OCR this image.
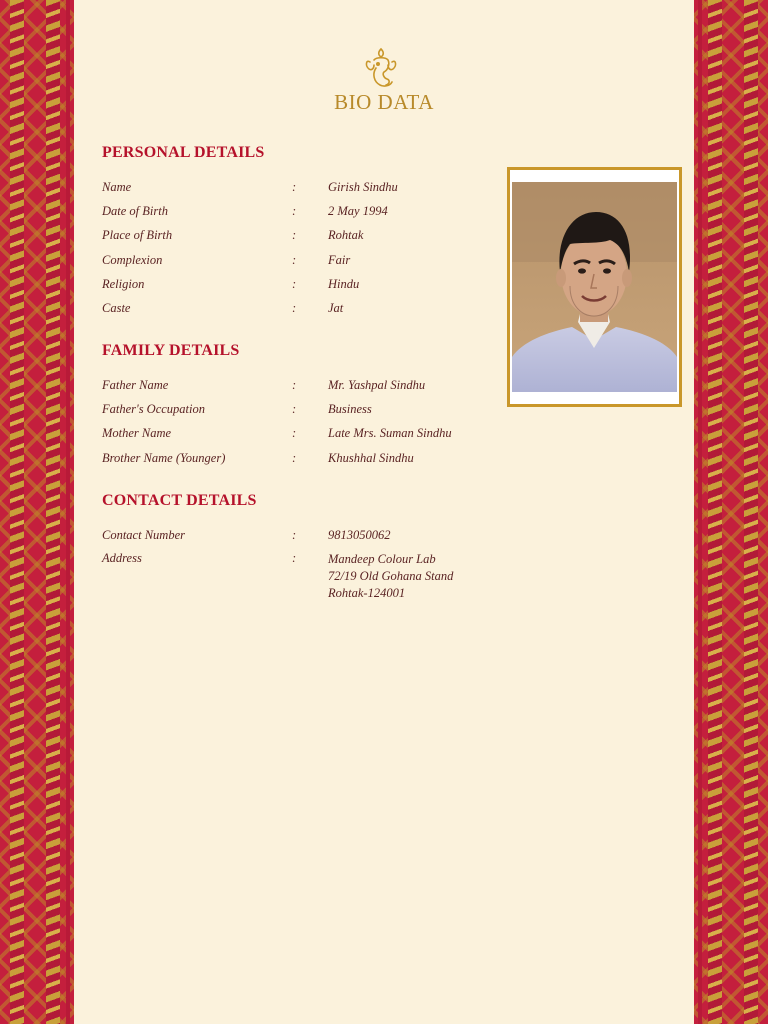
BIO DATA
PERSONAL DETAILS
Name	:	Girish Sindhu
Date of Birth	:	2 May 1994
Place of Birth	:	Rohtak
Complexion	:	Fair
Religion	:	Hindu
Caste	:	Jat
FAMILY DETAILS
Father Name	:	Mr. Yashpal Sindhu
Father's Occupation	:	Business
Mother Name	:	Late Mrs. Suman Sindhu
Brother Name (Younger)	:	Khushhal Sindhu
CONTACT DETAILS
Contact Number	:	9813050062
Address	:	Mandeep Colour Lab
72/19 Old Gohana Stand
Rohtak-124001
